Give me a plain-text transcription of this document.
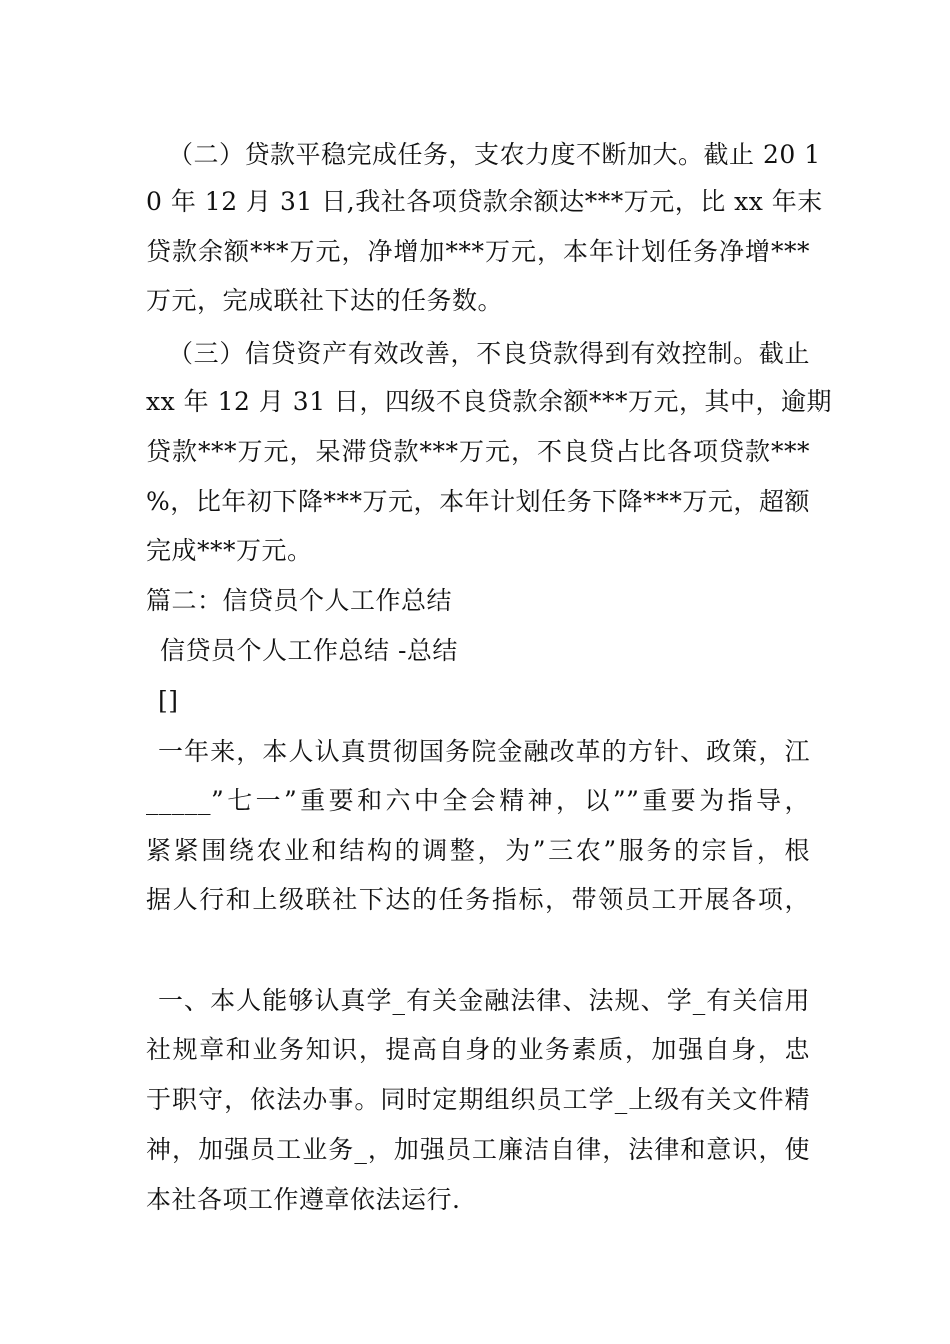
（二）贷款平稳完成任务，支农力度不断加大。截止 20 1
0 年 12 月 31 日,我社各项贷款余额达***万元，比 xx 年末
贷款余额***万元，净增加***万元，本年计划任务净增***
万元，完成联社下达的任务数。
（三）信贷资产有效改善，不良贷款得到有效控制。截止
xx 年 12 月 31 日，四级不良贷款余额***万元，其中，逾期
贷款***万元，呆滞贷款***万元，不良贷占比各项贷款***
%，比年初下降***万元，本年计划任务下降***万元，超额
完成***万元。
篇二：信贷员个人工作总结
信贷员个人工作总结 -总结
[]
一年来，本人认真贯彻国务院金融改革的方针、政策，江
_____”七一”重要和六中全会精神，以””重要为指导，
紧紧围绕农业和结构的调整，为”三农”服务的宗旨，根
据人行和上级联社下达的任务指标，带领员工开展各项，
一、本人能够认真学_有关金融法律、法规、学_有关信用
社规章和业务知识，提高自身的业务素质，加强自身，忠
于职守，依法办事。同时定期组织员工学_上级有关文件精
神，加强员工业务_，加强员工廉洁自律，法律和意识，使
本社各项工作遵章依法运行.
